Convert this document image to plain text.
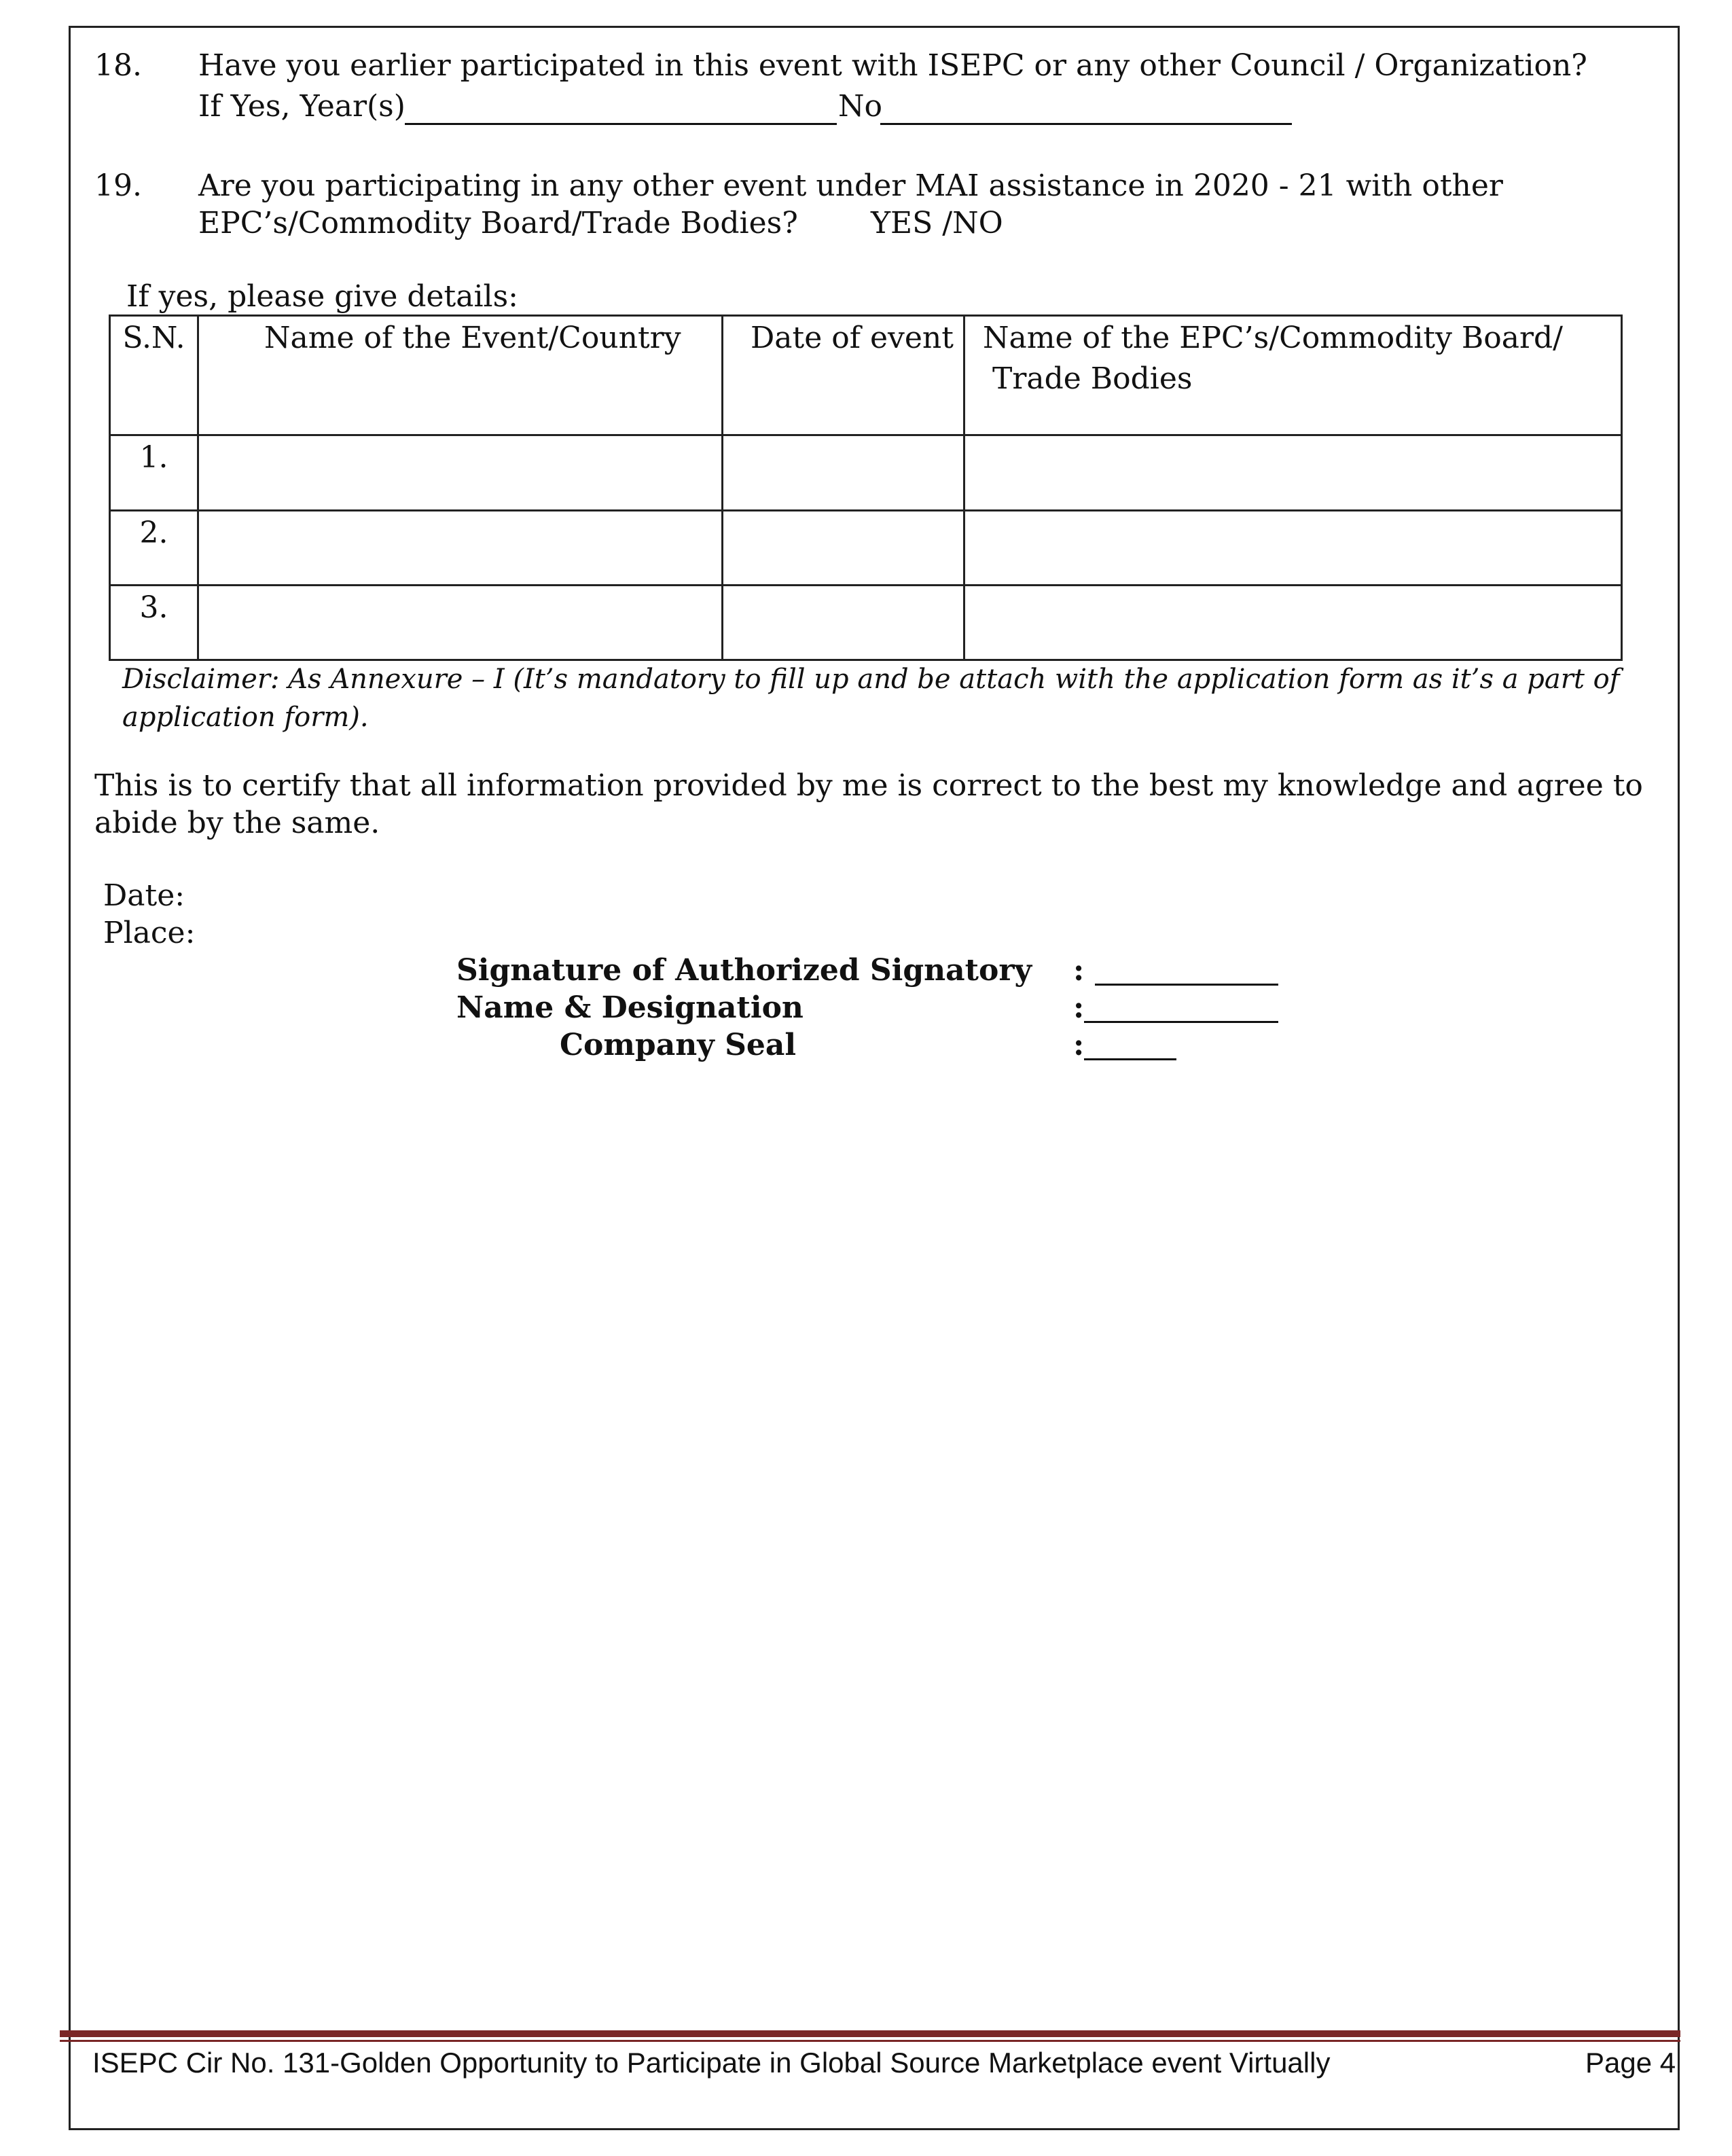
18. Have you earlier participated in this event with ISEPC or any other Council / Organization?
If Yes, Year(s)	No
19. Are you participating in any other event under MAI assistance in 2020 - 21 with other
EPC’s/Commodity Board/Trade Bodies? YES /NO
If yes, please give details:
S.N.	Name of the Event/Country	Date of event	Name of the EPC’s/Commodity Board/
Trade Bodies

1.			
2.			
3.			
Disclaimer: As Annexure – I (It’s mandatory to fill up and be attach with the application form as it’s a part of
application form).
This is to certify that all information provided by me is correct to the best my knowledge and agree to
abide by the same.
Date:
Place:
Signature of Authorized Signatory :
Name & Designation	:
Company Seal	:
ISEPC Cir No. 131-Golden Opportunity to Participate in Global Source Marketplace event Virtually	Page 4
